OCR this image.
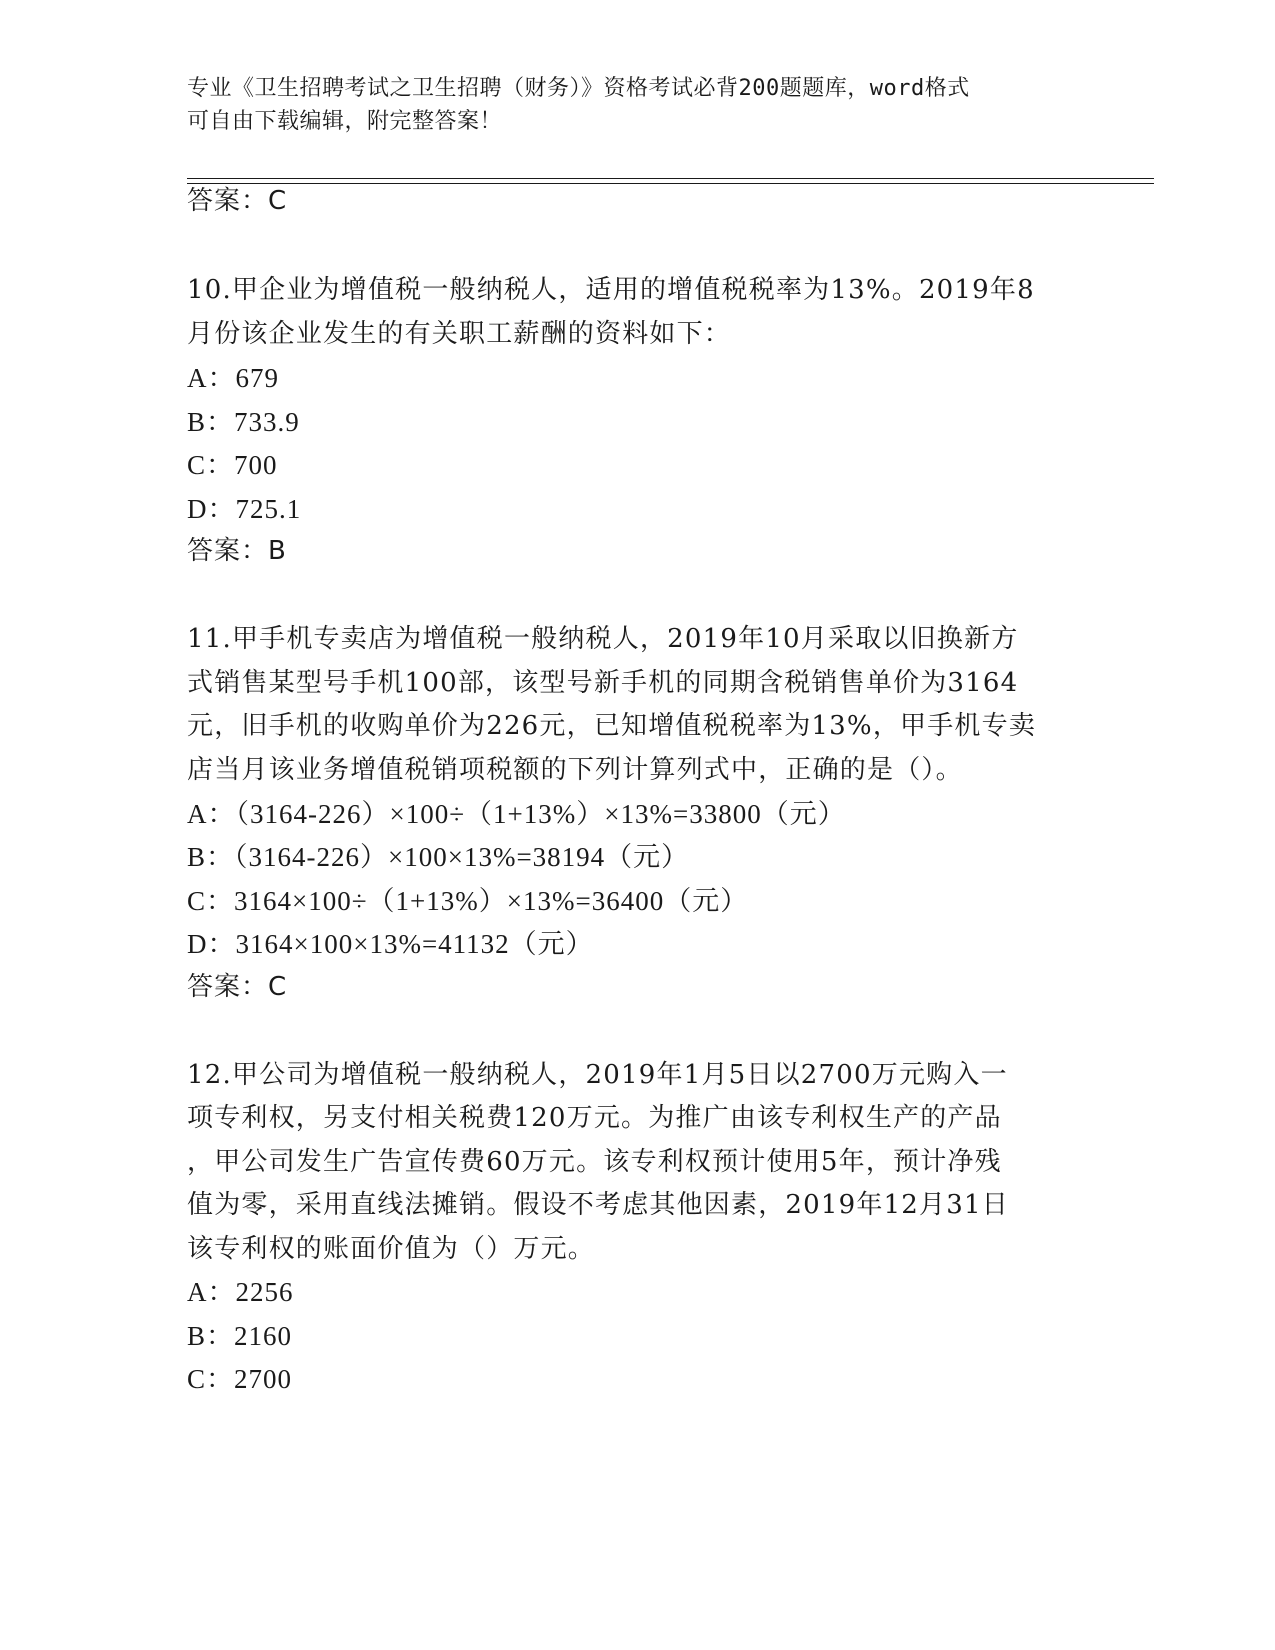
专业《卫生招聘考试之卫生招聘（财务）》资格考试必背200题题库，word格式
可自由下载编辑，附完整答案！
答案：C
10.甲企业为增值税一般纳税人，适用的增值税税率为13%。2019年8
月份该企业发生的有关职工薪酬的资料如下：
A：679
B：733.9
C：700
D：725.1
答案：B
11.甲手机专卖店为增值税一般纳税人，2019年10月采取以旧换新方
式销售某型号手机100部，该型号新手机的同期含税销售单价为3164
元，旧手机的收购单价为226元，已知增值税税率为13%，甲手机专卖
店当月该业务增值税销项税额的下列计算列式中，正确的是（）。
A：（3164-226）×100÷（1+13%）×13%=33800（元）
B：（3164-226）×100×13%=38194（元）
C：3164×100÷（1+13%）×13%=36400（元）
D：3164×100×13%=41132（元）
答案：C
12.甲公司为增值税一般纳税人，2019年1月5日以2700万元购入一
项专利权，另支付相关税费120万元。为推广由该专利权生产的产品
，甲公司发生广告宣传费60万元。该专利权预计使用5年，预计净残
值为零，采用直线法摊销。假设不考虑其他因素，2019年12月31日
该专利权的账面价值为（）万元。
A：2256
B：2160
C：2700
